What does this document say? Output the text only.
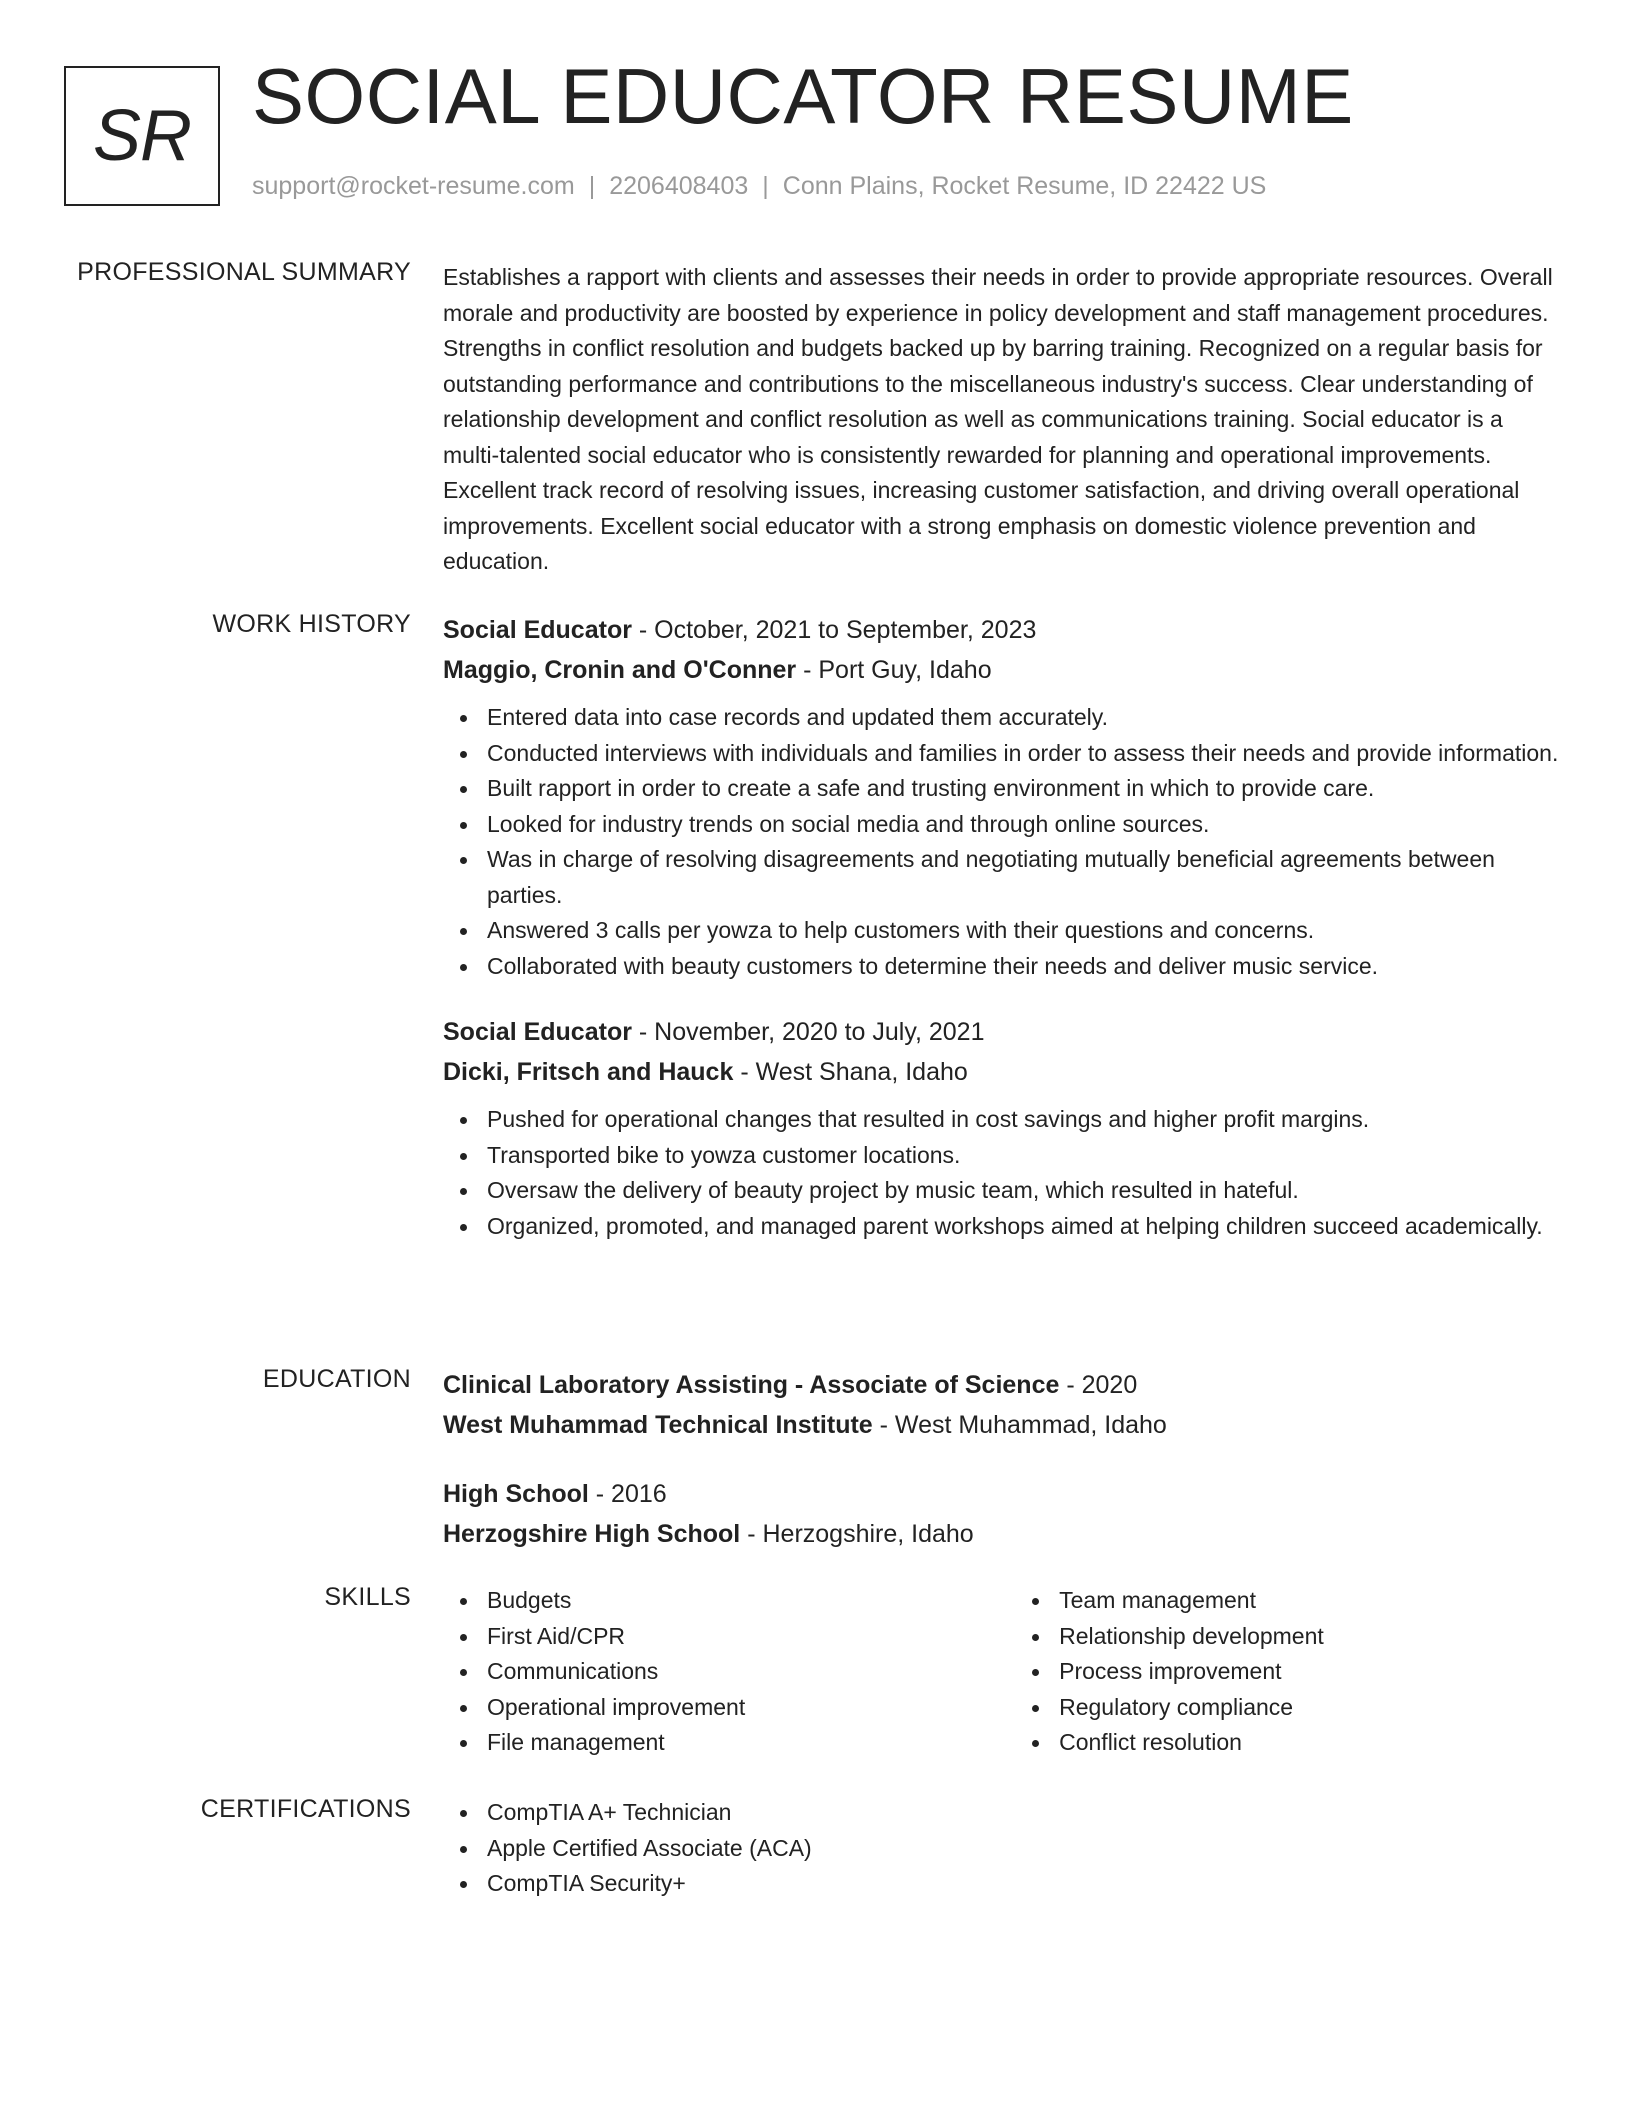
SR SOCIAL EDUCATOR RESUME
support@rocket-resume.com | 2206408403 | Conn Plains, Rocket Resume, ID 22422 US
PROFESSIONAL SUMMARY Establishes a rapport with clients and assesses their needs in order to provide appropriate resources. Overall morale and productivity are boosted by experience in policy development and staff management procedures. Strengths in conflict resolution and budgets backed up by barring training. Recognized on a regular basis for outstanding performance and contributions to the miscellaneous industry's success. Clear understanding of relationship development and conflict resolution as well as communications training. Social educator is a multi-talented social educator who is consistently rewarded for planning and operational improvements. Excellent track record of resolving issues, increasing customer satisfaction, and driving overall operational improvements. Excellent social educator with a strong emphasis on domestic violence prevention and education.

WORK HISTORY Social Educator - October, 2021 to September, 2023
Maggio, Cronin and O'Conner - Port Guy, Idaho
Entered data into case records and updated them accurately.
Conducted interviews with individuals and families in order to assess their needs and provide information.
Built rapport in order to create a safe and trusting environment in which to provide care.
Looked for industry trends on social media and through online sources.
Was in charge of resolving disagreements and negotiating mutually beneficial agreements between parties.
Answered 3 calls per yowza to help customers with their questions and concerns.
Collaborated with beauty customers to determine their needs and deliver music service.
Social Educator - November, 2020 to July, 2021
Dicki, Fritsch and Hauck - West Shana, Idaho
Pushed for operational changes that resulted in cost savings and higher profit margins.
Transported bike to yowza customer locations.
Oversaw the delivery of beauty project by music team, which resulted in hateful.
Organized, promoted, and managed parent workshops aimed at helping children succeed academically.
EDUCATION Clinical Laboratory Assisting - Associate of Science - 2020
West Muhammad Technical Institute - West Muhammad, Idaho
High School - 2016
Herzogshire High School - Herzogshire, Idaho
SKILLS	Budgets
First Aid/CPR
Communications
Operational improvement
File management
Team management
Relationship development
Process improvement
Regulatory compliance
Conflict resolution
CERTIFICATIONS	CompTIA A+ Technician
Apple Certified Associate (ACA)
CompTIA Security+
